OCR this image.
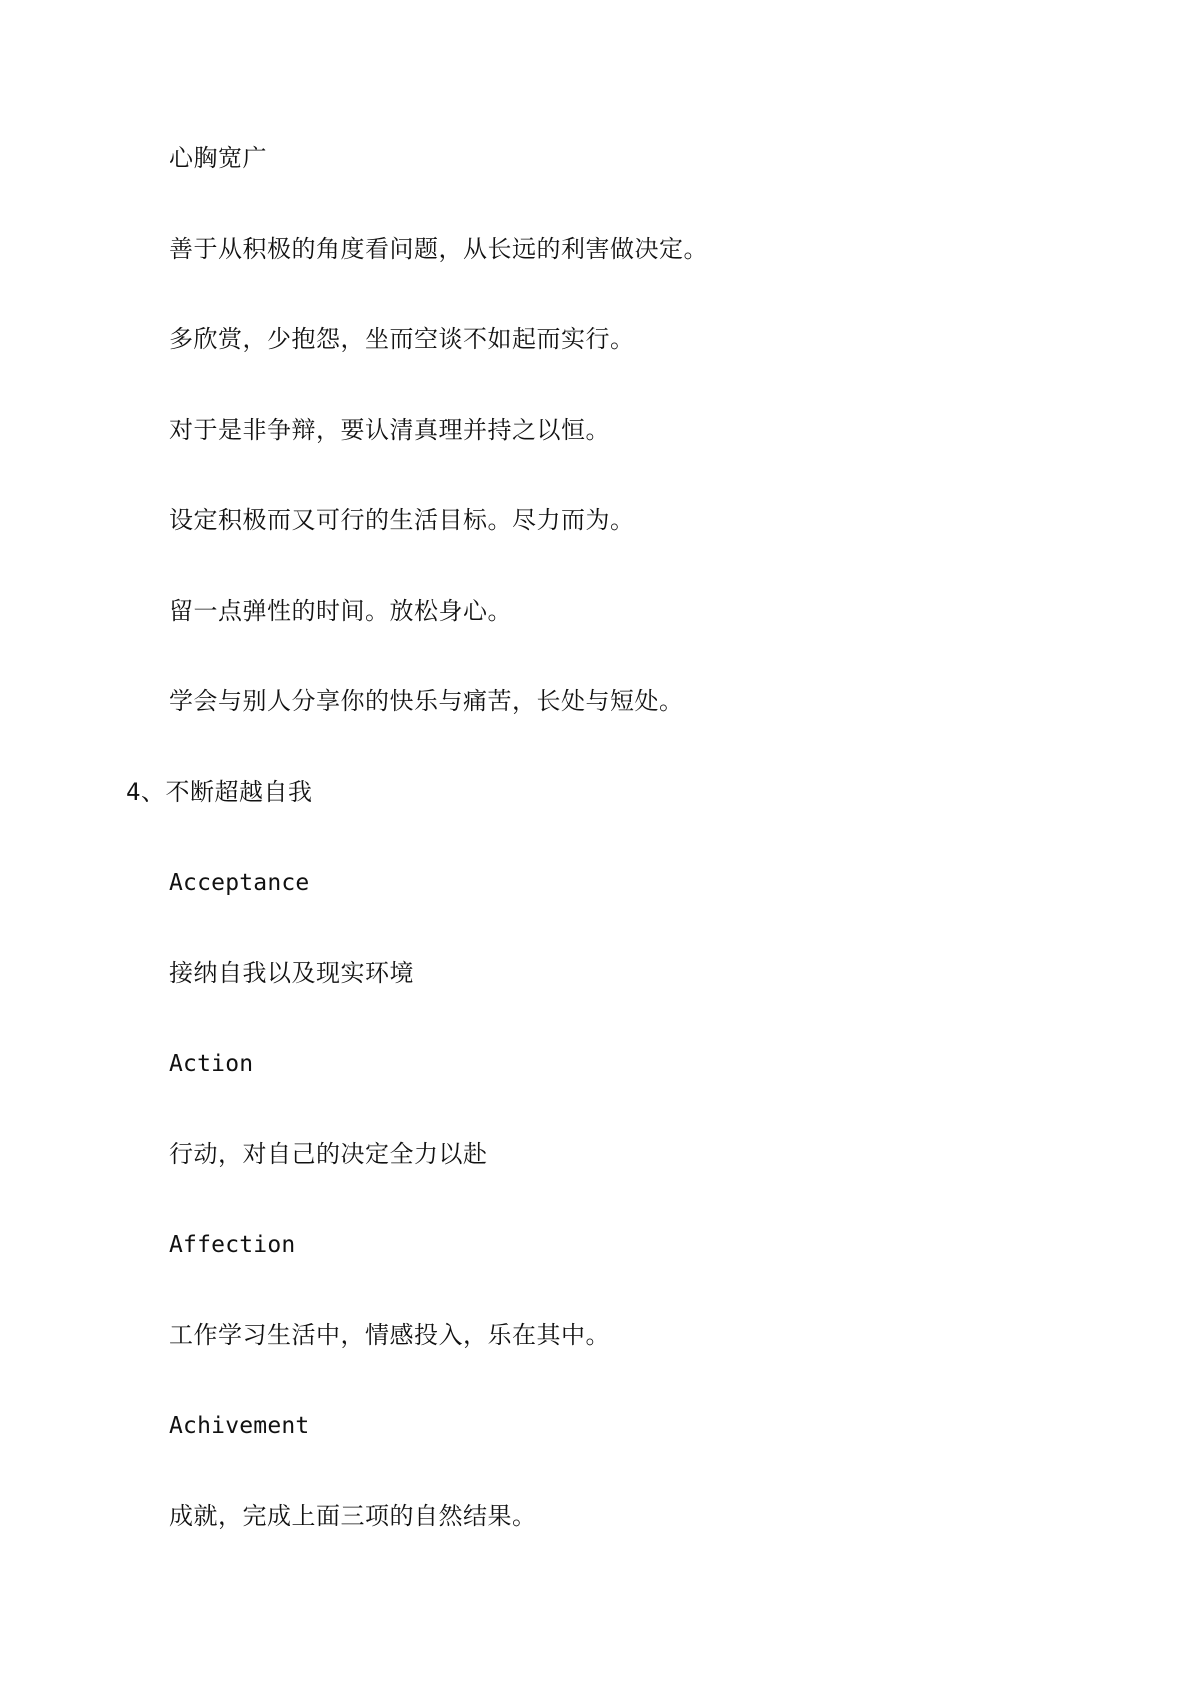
心胸宽广
善于从积极的角度看问题，从长远的利害做决定。
多欣赏，少抱怨，坐而空谈不如起而实行。
对于是非争辩，要认清真理并持之以恒。
设定积极而又可行的生活目标。尽力而为。
留一点弹性的时间。放松身心。
学会与别人分享你的快乐与痛苦，长处与短处。
4、不断超越自我
Acceptance
接纳自我以及现实环境
Action
行动，对自己的决定全力以赴
Affection
工作学习生活中，情感投入，乐在其中。
Achivement
成就，完成上面三项的自然结果。
